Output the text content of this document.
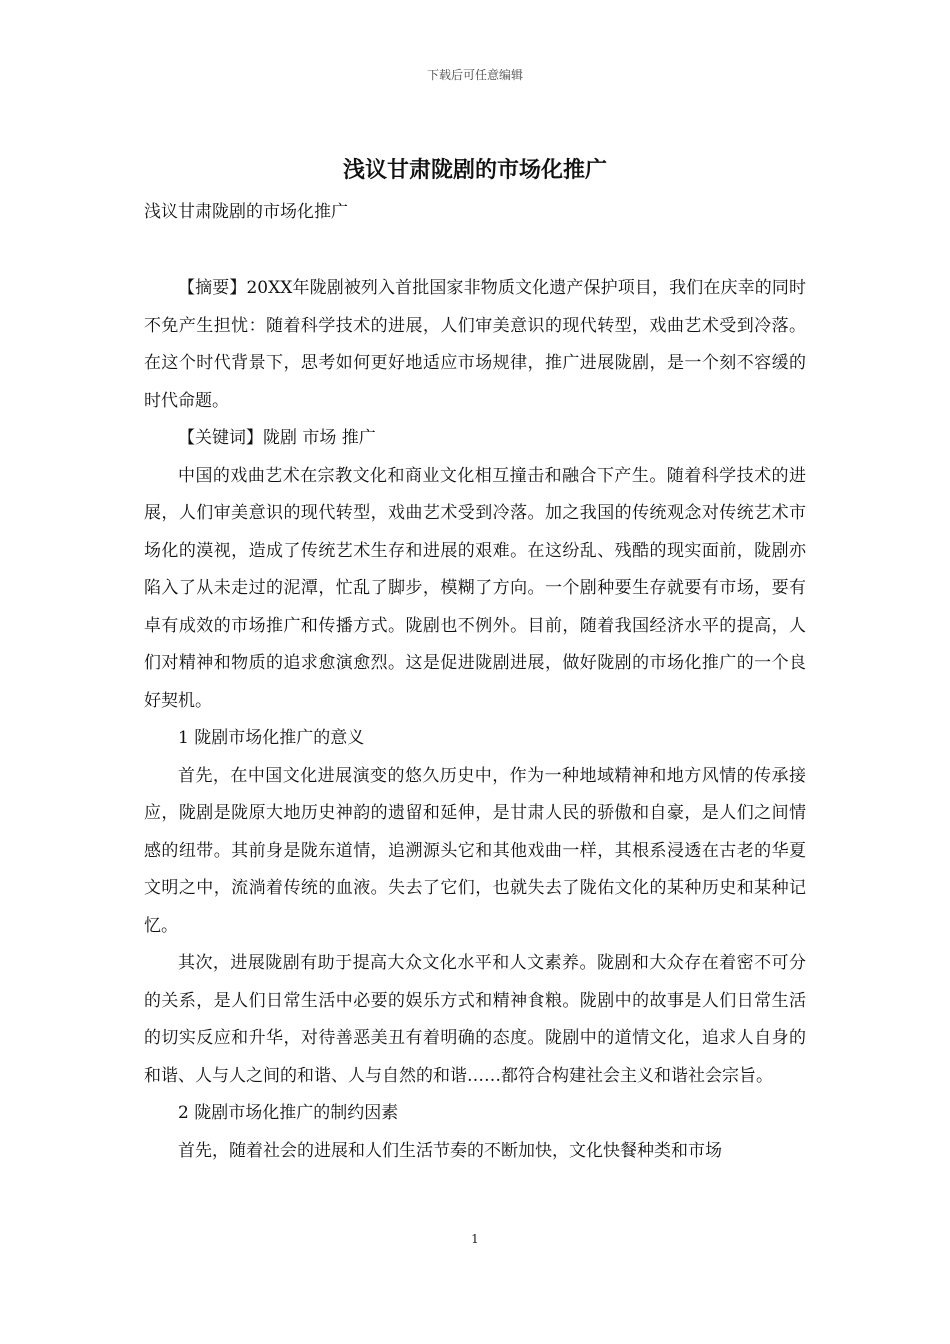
下载后可任意编辑
浅议甘肃陇剧的市场化推广

浅议甘肃陇剧的市场化推广

【摘要】20XX年陇剧被列入首批国家非物质文化遗产保护项目，我们在庆幸的同时不免产生担忧：随着科学技术的进展，人们审美意识的现代转型，戏曲艺术受到冷落。在这个时代背景下，思考如何更好地适应市场规律，推广进展陇剧，是一个刻不容缓的时代命题。

【关键词】陇剧 市场 推广

中国的戏曲艺术在宗教文化和商业文化相互撞击和融合下产生。随着科学技术的进展，人们审美意识的现代转型，戏曲艺术受到冷落。加之我国的传统观念对传统艺术市场化的漠视，造成了传统艺术生存和进展的艰难。在这纷乱、残酷的现实面前，陇剧亦陷入了从未走过的泥潭，忙乱了脚步，模糊了方向。一个剧种要生存就要有市场，要有卓有成效的市场推广和传播方式。陇剧也不例外。目前，随着我国经济水平的提高，人们对精神和物质的追求愈演愈烈。这是促进陇剧进展，做好陇剧的市场化推广的一个良好契机。

1 陇剧市场化推广的意义

首先，在中国文化进展演变的悠久历史中，作为一种地域精神和地方风情的传承接应，陇剧是陇原大地历史神韵的遗留和延伸，是甘肃人民的骄傲和自豪，是人们之间情感的纽带。其前身是陇东道情，追溯源头它和其他戏曲一样，其根系浸透在古老的华夏文明之中，流淌着传统的血液。失去了它们，也就失去了陇佑文化的某种历史和某种记忆。

其次，进展陇剧有助于提高大众文化水平和人文素养。陇剧和大众存在着密不可分的关系，是人们日常生活中必要的娱乐方式和精神食粮。陇剧中的故事是人们日常生活的切实反应和升华，对待善恶美丑有着明确的态度。陇剧中的道情文化，追求人自身的和谐、人与人之间的和谐、人与自然的和谐……都符合构建社会主义和谐社会宗旨。

2 陇剧市场化推广的制约因素

首先，随着社会的进展和人们生活节奏的不断加快，文化快餐种类和市场

1
